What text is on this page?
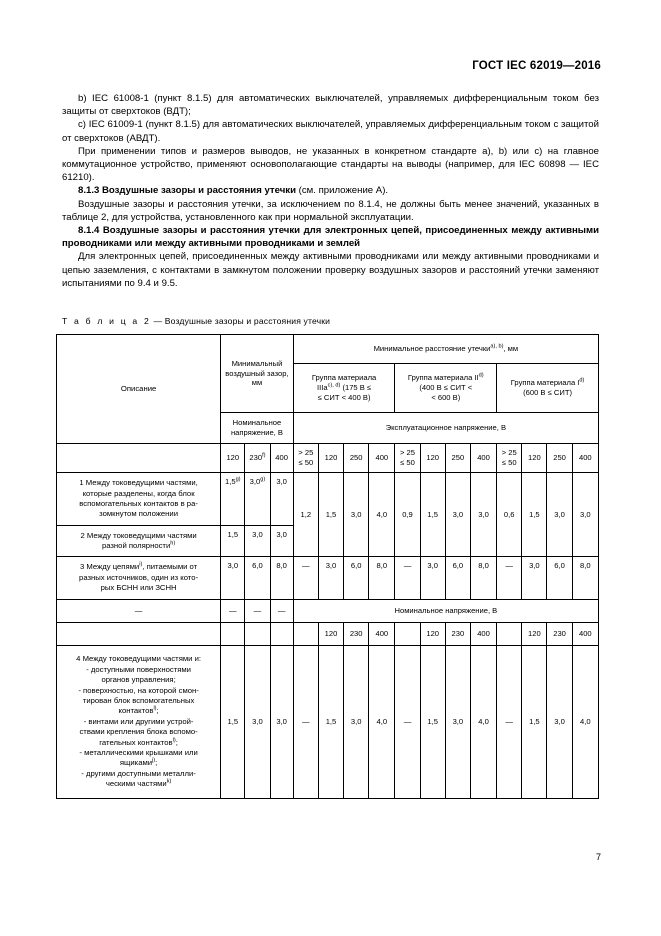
ГОСТ IEC 62019—2016

b) IEC 61008-1 (пункт 8.1.5) для автоматических выключателей, управляемых дифференциальным током без защиты от сверхтоков (ВДТ);

c) IEC 61009-1 (пункт 8.1.5) для автоматических выключателей, управляемых дифференциальным током с защитой от сверхтоков (АВДТ).

При применении типов и размеров выводов, не указанных в конкретном стандарте a), b) или c) на главное коммутационное устройство, применяют основополагающие стандарты на выводы (например, для IEC 60898 — IEC 61210).

8.1.3 Воздушные зазоры и расстояния утечки (см. приложение А).

Воздушные зазоры и расстояния утечки, за исключением по 8.1.4, не должны быть менее значений, указанных в таблице 2, для устройства, установленного как при нормальной эксплуатации.

8.1.4 Воздушные зазоры и расстояния утечки для электронных цепей, присоединенных между активными проводниками или между активными проводниками и землей

Для электронных цепей, присоединенных между активными проводниками или между активными проводниками и цепью заземления, с контактами в замкнутом положении проверку воздушных зазоров и расстояний утечки заменяют испытаниями по 9.4 и 9.5.

Т а б л и ц а 2 — Воздушные зазоры и расстояния утечки
Описание	Минимальный воздушный зазор, мм			Минимальное расстояние утечки$^{a), b)}$, мм											
				Группа материала
IIIa$^{c), d)}$ (175 В ≤
≤ СИТ < 400 В)				Группа материала II$^{d)}$
(400 В ≤ СИТ <
< 600 В)				Группа материала $I^{d)}$
(600 В ≤ СИТ)			
	Номинальное напряжение, В			Эксплуатационное напряжение, В											
	120	230$^{f)}$	400	> 25
≤ 50	120	250	400	> 25
≤ 50	120	250	400	> 25
≤ 50	120	250	400

1 Между токоведущими частями,
которые разделены, когда блок
вспомогательных контактов в ра-
зомкнутом положении	1,5$^{g)}$	3,0$^{g)}$	3,0	1,2	1,5	3,0	4,0	0,9	1,5	3,0	3,0	0,6	1,5	3,0	3,0

2 Между токоведущими частями
разной полярности$^{h)}$	1,5	3,0	3,0												

3 Между цепями$^{i)}$, питаемыми от
разных источников, один из кото-
рых БСНН или ЗСНН	3,0	6,0	8,0	—	3,0	6,0	8,0	—	3,0	6,0	8,0	—	3,0	6,0	8,0
—	—	—	—	Номинальное напряжение, В											
					120	230	400		120	230	400		120	230	400

4 Между токоведущими частями и:
- доступными поверхностями
органов управления;
- поверхностью, на которой смон-
тирован блок вспомогательных
контактов$^{l)}$;
- винтами или другими устрой-
ствами крепления блока вспомо-
гательных контактов$^{l)}$;
- металлическими крышками или
ящиками$^{j)}$;
- другими доступными металли-
ческими частями$^{k)}$
	1,5	3,0	3,0	—	1,5	3,0	4,0	—	1,5	3,0	4,0	—	1,5	3,0	4,0
7
